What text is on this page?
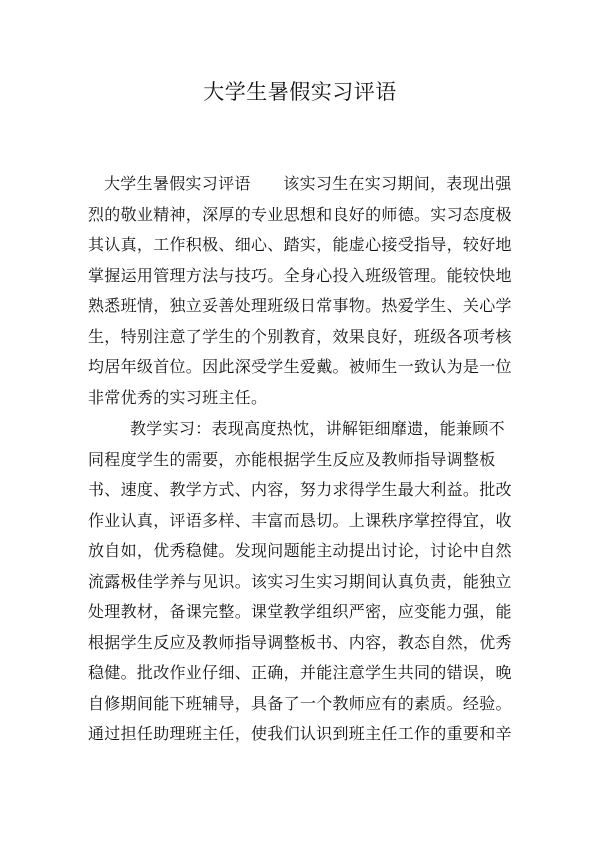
大学生暑假实习评语
大学生暑假实习评语　　该实习生在实习期间，表现出强
烈的敬业精神，深厚的专业思想和良好的师德。实习态度极
其认真，工作积极、细心、踏实，能虚心接受指导，较好地
掌握运用管理方法与技巧。全身心投入班级管理。能较快地
熟悉班情，独立妥善处理班级日常事物。热爱学生、关心学
生，特别注意了学生的个别教育，效果良好，班级各项考核
均居年级首位。因此深受学生爱戴。被师生一致认为是一位
非常优秀的实习班主任。
教学实习：表现高度热忱，讲解钜细靡遗，能兼顾不
同程度学生的需要，亦能根据学生反应及教师指导调整板
书、速度、教学方式、内容，努力求得学生最大利益。批改
作业认真，评语多样、丰富而恳切。上课秩序掌控得宜，收
放自如，优秀稳健。发现问题能主动提出讨论，讨论中自然
流露极佳学养与见识。该实习生实习期间认真负责，能独立
处理教材，备课完整。课堂教学组织严密，应变能力强，能
根据学生反应及教师指导调整板书、内容，教态自然，优秀
稳健。批改作业仔细、正确，并能注意学生共同的错误，晚
自修期间能下班辅导，具备了一个教师应有的素质。经验。
通过担任助理班主任，使我们认识到班主任工作的重要和辛
